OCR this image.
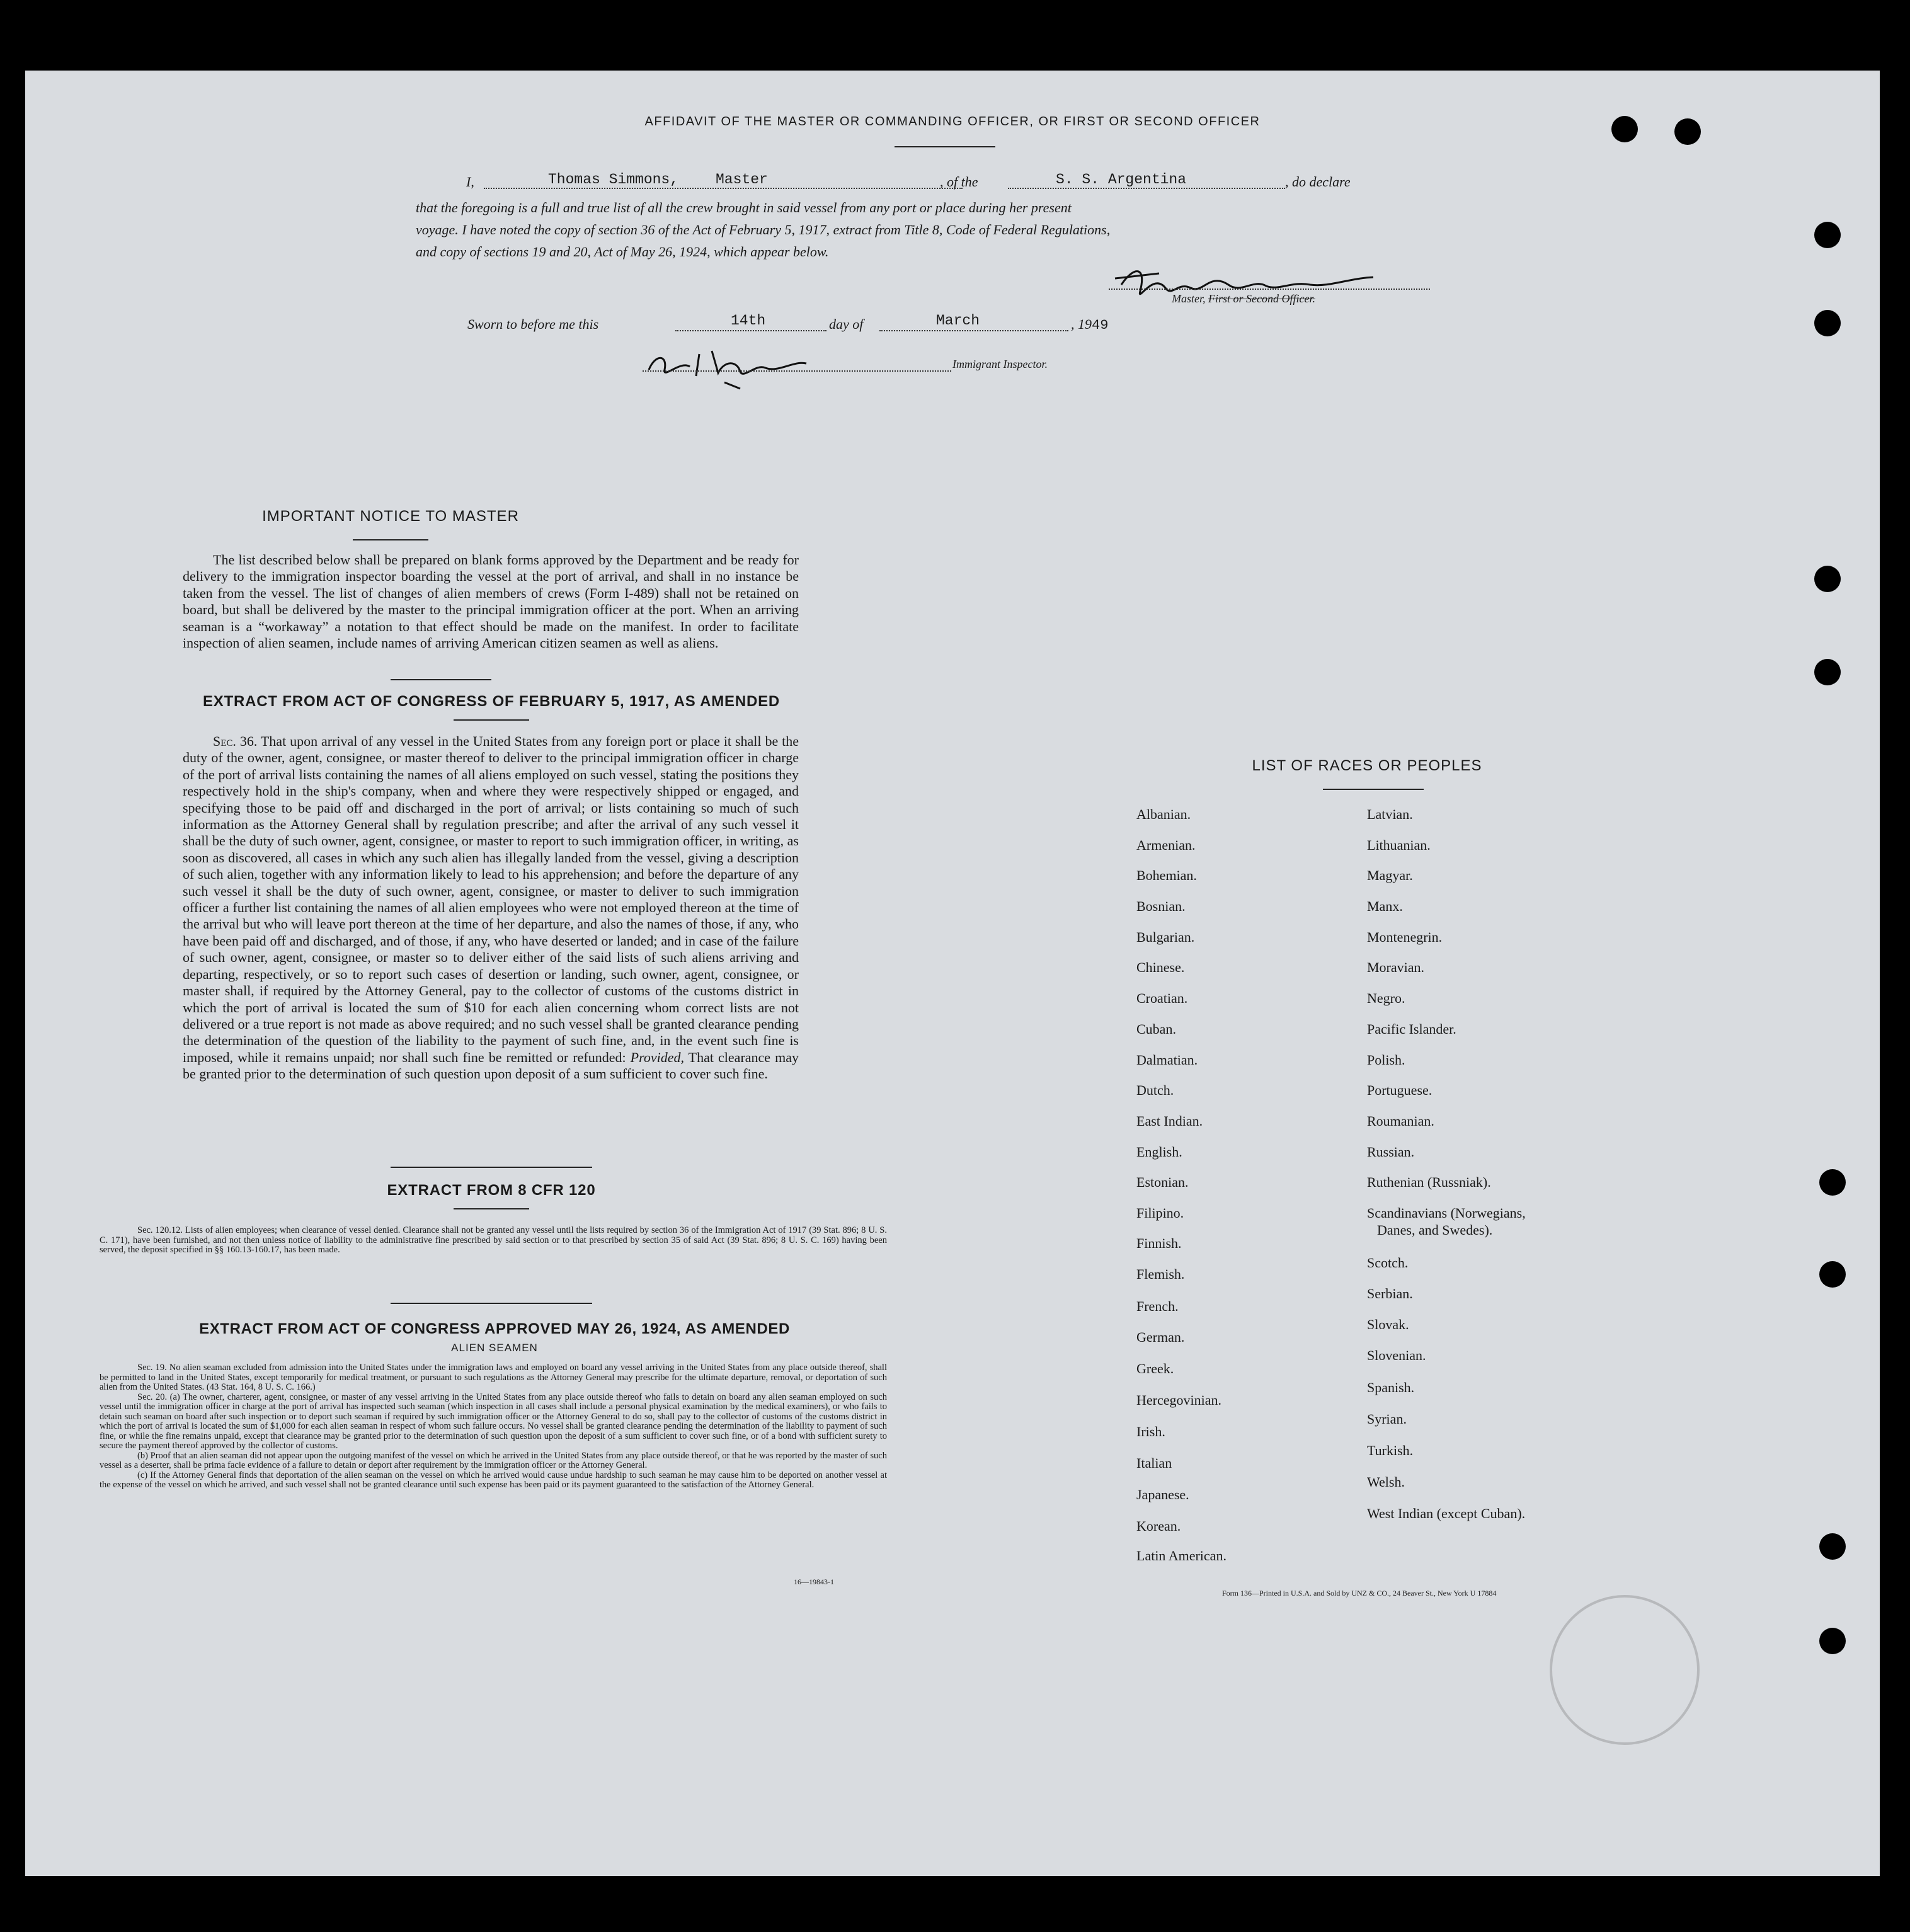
AFFIDAVIT OF THE MASTER OR COMMANDING OFFICER, OR FIRST OR SECOND OFFICER
I,	Thomas Simmons,	Master	, of the	S. S. Argentina	, do declare
that the foregoing is a full and true list of all the crew brought in said vessel from any port or place during her present
voyage. I have noted the copy of section 36 of the Act of February 5, 1917, extract from Title 8, Code of Federal Regulations,
and copy of sections 19 and 20, Act of May 26, 1924, which appear below.
Master, First or Second Officer.
Sworn to before me this	14th	day of	March	, 1949
Immigrant Inspector.
IMPORTANT NOTICE TO MASTER
The list described below shall be prepared on blank forms approved by the Department and be ready for delivery to the immigration inspector boarding the vessel at the port of arrival, and shall in no instance be taken from the vessel. The list of changes of alien members of crews (Form I-489) shall not be retained on board, but shall be delivered by the master to the principal immigration officer at the port. When an arriving seaman is a “workaway” a notation to that effect should be made on the manifest. In order to facilitate inspection of alien seamen, include names of arriving American citizen seamen as well as aliens.
EXTRACT FROM ACT OF CONGRESS OF FEBRUARY 5, 1917, AS AMENDED
Sec. 36. That upon arrival of any vessel in the United States from any foreign port or place it shall be the duty of the owner, agent, consignee, or master thereof to deliver to the principal immigration officer in charge of the port of arrival lists containing the names of all aliens employed on such vessel, stating the positions they respectively hold in the ship's company, when and where they were respectively shipped or engaged, and specifying those to be paid off and discharged in the port of arrival; or lists containing so much of such information as the Attorney General shall by regulation prescribe; and after the arrival of any such vessel it shall be the duty of such owner, agent, consignee, or master to report to such immigration officer, in writing, as soon as discovered, all cases in which any such alien has illegally landed from the vessel, giving a description of such alien, together with any information likely to lead to his apprehension; and before the departure of any such vessel it shall be the duty of such owner, agent, consignee, or master to deliver to such immigration officer a further list containing the names of all alien employees who were not employed thereon at the time of the arrival but who will leave port thereon at the time of her departure, and also the names of those, if any, who have been paid off and discharged, and of those, if any, who have deserted or landed; and in case of the failure of such owner, agent, consignee, or master so to deliver either of the said lists of such aliens arriving and departing, respectively, or so to report such cases of desertion or landing, such owner, agent, consignee, or master shall, if required by the Attorney General, pay to the collector of customs of the customs district in which the port of arrival is located the sum of $10 for each alien concerning whom correct lists are not delivered or a true report is not made as above required; and no such vessel shall be granted clearance pending the determination of the question of the liability to the payment of such fine, and, in the event such fine is imposed, while it remains unpaid; nor shall such fine be remitted or refunded: Provided, That clearance may be granted prior to the determination of such question upon deposit of a sum sufficient to cover such fine.
EXTRACT FROM 8 CFR 120
Sec. 120.12. Lists of alien employees; when clearance of vessel denied. Clearance shall not be granted any vessel until the lists required by section 36 of the Immigration Act of 1917 (39 Stat. 896; 8 U. S. C. 171), have been furnished, and not then unless notice of liability to the administrative fine prescribed by said section or to that prescribed by section 35 of said Act (39 Stat. 896; 8 U. S. C. 169) having been served, the deposit specified in §§ 160.13-160.17, has been made.
EXTRACT FROM ACT OF CONGRESS APPROVED MAY 26, 1924, AS AMENDED
ALIEN SEAMEN
Sec. 19. No alien seaman excluded from admission into the United States under the immigration laws and employed on board any vessel arriving in the United States from any place outside thereof, shall be permitted to land in the United States, except temporarily for medical treatment, or pursuant to such regulations as the Attorney General may prescribe for the ultimate departure, removal, or deportation of such alien from the United States. (43 Stat. 164, 8 U. S. C. 166.)
Sec. 20. (a) The owner, charterer, agent, consignee, or master of any vessel arriving in the United States from any place outside thereof who fails to detain on board any alien seaman employed on such vessel until the immigration officer in charge at the port of arrival has inspected such seaman (which inspection in all cases shall include a personal physical examination by the medical examiners), or who fails to detain such seaman on board after such inspection or to deport such seaman if required by such immigration officer or the Attorney General to do so, shall pay to the collector of customs of the customs district in which the port of arrival is located the sum of $1,000 for each alien seaman in respect of whom such failure occurs. No vessel shall be granted clearance pending the determination of the liability to payment of such fine, or while the fine remains unpaid, except that clearance may be granted prior to the determination of such question upon the deposit of a sum sufficient to cover such fine, or of a bond with sufficient surety to secure the payment thereof approved by the collector of customs.
(b) Proof that an alien seaman did not appear upon the outgoing manifest of the vessel on which he arrived in the United States from any place outside thereof, or that he was reported by the master of such vessel as a deserter, shall be prima facie evidence of a failure to detain or deport after requirement by the immigration officer or the Attorney General.
(c) If the Attorney General finds that deportation of the alien seaman on the vessel on which he arrived would cause undue hardship to such seaman he may cause him to be deported on another vessel at the expense of the vessel on which he arrived, and such vessel shall not be granted clearance until such expense has been paid or its payment guaranteed to the satisfaction of the Attorney General.
16—19843-1
LIST OF RACES OR PEOPLES
Form 136—Printed in U.S.A. and Sold by UNZ & CO., 24 Beaver St., New York U 17884
Albanian.
Armenian.
Bohemian.
Bosnian.
Bulgarian.
Chinese.
Croatian.
Cuban.
Dalmatian.
Dutch.
East Indian.
English.
Estonian.
Filipino.
Finnish.
Flemish.
French.
German.
Greek.
Hercegovinian.
Irish.
Italian
Japanese.
Korean.
Latin American.
Latvian.
Lithuanian.
Magyar.
Manx.
Montenegrin.
Moravian.
Negro.
Pacific Islander.
Polish.
Portuguese.
Roumanian.
Russian.
Ruthenian (Russniak).
Scandinavians (Norwegians,
Danes, and Swedes).
Scotch.
Serbian.
Slovak.
Slovenian.
Spanish.
Syrian.
Turkish.
Welsh.
West Indian (except Cuban).
